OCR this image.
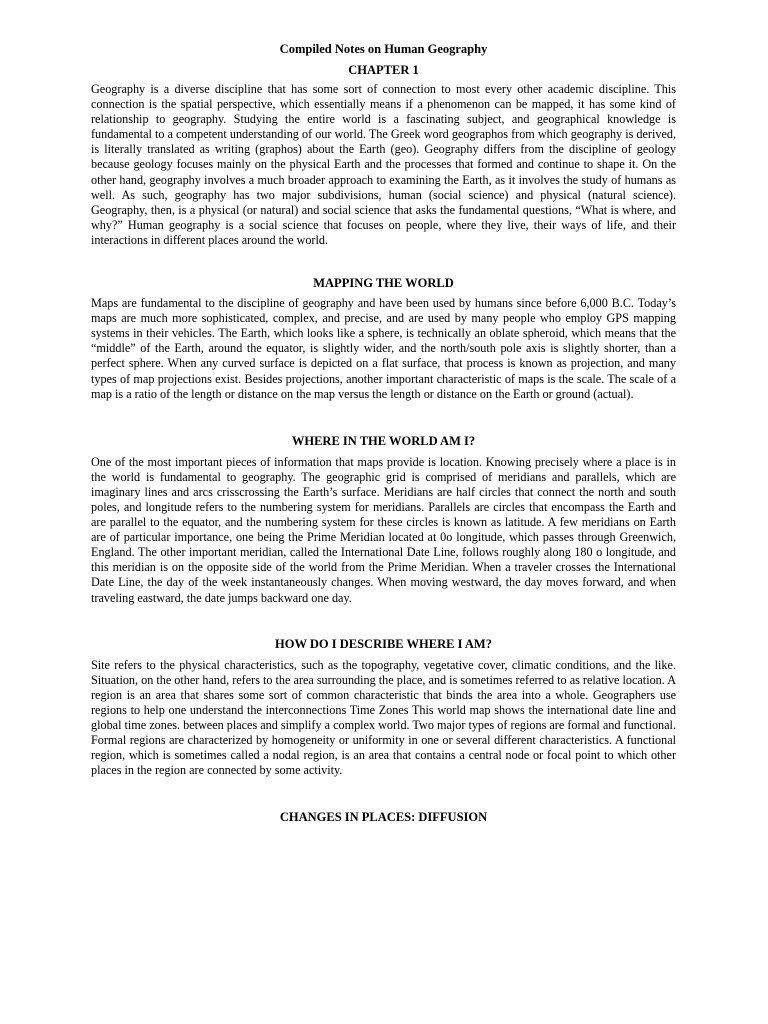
Compiled Notes on Human Geography
CHAPTER 1

Geography is a diverse discipline that has some sort of connection to most every other academic discipline. This connection is the spatial perspective, which essentially means if a phenomenon can be mapped, it has some kind of relationship to geography. Studying the entire world is a fascinating subject, and geographical knowledge is fundamental to a competent understanding of our world. The Greek word geographos from which geography is derived, is literally translated as writing (graphos) about the Earth (geo). Geography differs from the discipline of geology because geology focuses mainly on the physical Earth and the processes that formed and continue to shape it. On the other hand, geography involves a much broader approach to examining the Earth, as it involves the study of humans as well. As such, geography has two major subdivisions, human (social science) and physical (natural science). Geography, then, is a physical (or natural) and social science that asks the fundamental questions, “What is where, and why?” Human geography is a social science that focuses on people, where they live, their ways of life, and their interactions in different places around the world.

MAPPING THE WORLD

Maps are fundamental to the discipline of geography and have been used by humans since before 6,000 B.C. Today’s maps are much more sophisticated, complex, and precise, and are used by many people who employ GPS mapping systems in their vehicles. The Earth, which looks like a sphere, is technically an oblate spheroid, which means that the “middle” of the Earth, around the equator, is slightly wider, and the north/south pole axis is slightly shorter, than a perfect sphere. When any curved surface is depicted on a flat surface, that process is known as projection, and many types of map projections exist. Besides projections, another important characteristic of maps is the scale. The scale of a map is a ratio of the length or distance on the map versus the length or distance on the Earth or ground (actual).

WHERE IN THE WORLD AM I?

One of the most important pieces of information that maps provide is location. Knowing precisely where a place is in the world is fundamental to geography. The geographic grid is comprised of meridians and parallels, which are imaginary lines and arcs crisscrossing the Earth’s surface. Meridians are half circles that connect the north and south poles, and longitude refers to the numbering system for meridians. Parallels are circles that encompass the Earth and are parallel to the equator, and the numbering system for these circles is known as latitude. A few meridians on Earth are of particular importance, one being the Prime Meridian located at 0o longitude, which passes through Greenwich, England. The other important meridian, called the International Date Line, follows roughly along 180 o longitude, and this meridian is on the opposite side of the world from the Prime Meridian. When a traveler crosses the International Date Line, the day of the week instantaneously changes. When moving westward, the day moves forward, and when traveling eastward, the date jumps backward one day.

HOW DO I DESCRIBE WHERE I AM?

Site refers to the physical characteristics, such as the topography, vegetative cover, climatic conditions, and the like. Situation, on the other hand, refers to the area surrounding the place, and is sometimes referred to as relative location. A region is an area that shares some sort of common characteristic that binds the area into a whole. Geographers use regions to help one understand the interconnections Time Zones This world map shows the international date line and global time zones. between places and simplify a complex world. Two major types of regions are formal and functional. Formal regions are characterized by homogeneity or uniformity in one or several different characteristics. A functional region, which is sometimes called a nodal region, is an area that contains a central node or focal point to which other places in the region are connected by some activity.

CHANGES IN PLACES: DIFFUSION
